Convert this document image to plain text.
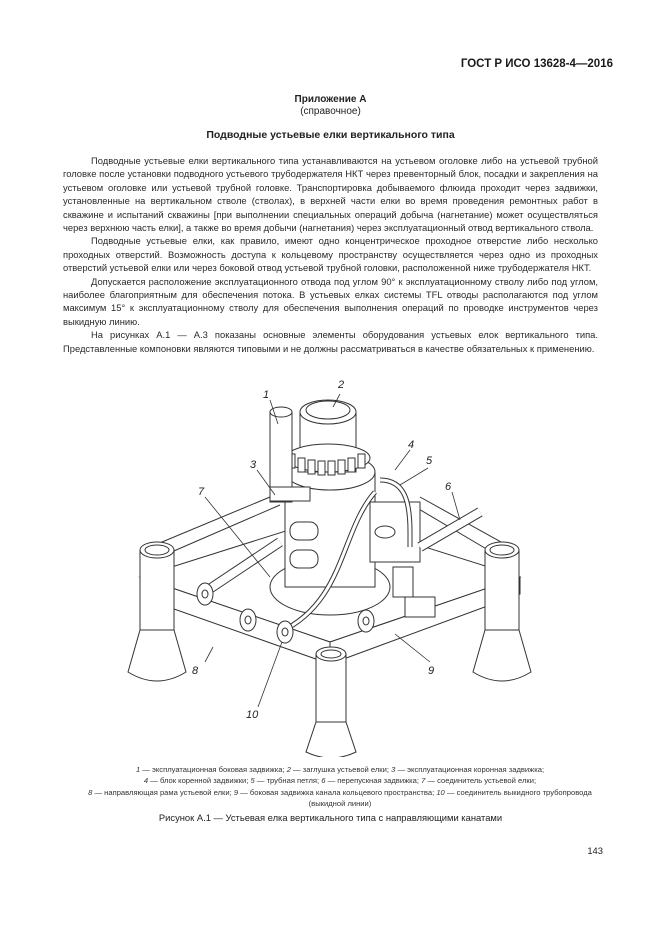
ГОСТ Р ИСО 13628-4—2016
Приложение А
(справочное)
Подводные устьевые елки вертикального типа

Подводные устьевые елки вертикального типа устанавливаются на устьевом оголовке либо на устьевой трубной головке после установки подводного устьевого трубодержателя НКТ через превенторный блок, посадки и закрепления на устьевом оголовке или устьевой трубной головке. Транспортировка добываемого флюида проходит через задвижки, установленные на вертикальном стволе (стволах), в верхней части елки во время проведения ремонтных работ в скважине и испытаний скважины [при выполнении специальных операций добыча (нагнетание) может осуществляться через верхнюю часть елки], а также во время добычи (нагнетания) через эксплуатационный отвод вертикального ствола.

Подводные устьевые елки, как правило, имеют одно концентрическое проходное отверстие либо несколько проходных отверстий. Возможность доступа к кольцевому пространству осуществляется через одно из проходных отверстий устьевой елки или через боковой отвод устьевой трубной головки, расположенной ниже трубодержателя НКТ.

Допускается расположение эксплуатационного отвода под углом 90° к эксплуатационному стволу либо под углом, наиболее благоприятным для обеспечения потока. В устьевых елках системы TFL отводы располагаются под углом максимум 15° к эксплуатационному стволу для обеспечения выполнения операций по проводке инструментов через выкидную линию.

На рисунках А.1 — А.3 показаны основные элементы оборудования устьевых елок вертикального типа. Представленные компоновки являются типовыми и не должны рассматриваться в качестве обязательных к применению.

1
2
3
4
5
6
7
8	9
10
1 — эксплуатационная боковая задвижка; 2 — заглушка устьевой елки; 3 — эксплуатационная коронная задвижка;
4 — блок коренной задвижки; 5 — трубная петля; 6 — перепускная задвижка; 7 — соединитель устьевой елки;
8 — направляющая рама устьевой елки; 9 — боковая задвижка канала кольцевого пространства; 10 — соединитель выкидного трубопровода (выкидной линии)
Рисунок А.1 — Устьевая елка вертикального типа с направляющими канатами
143
